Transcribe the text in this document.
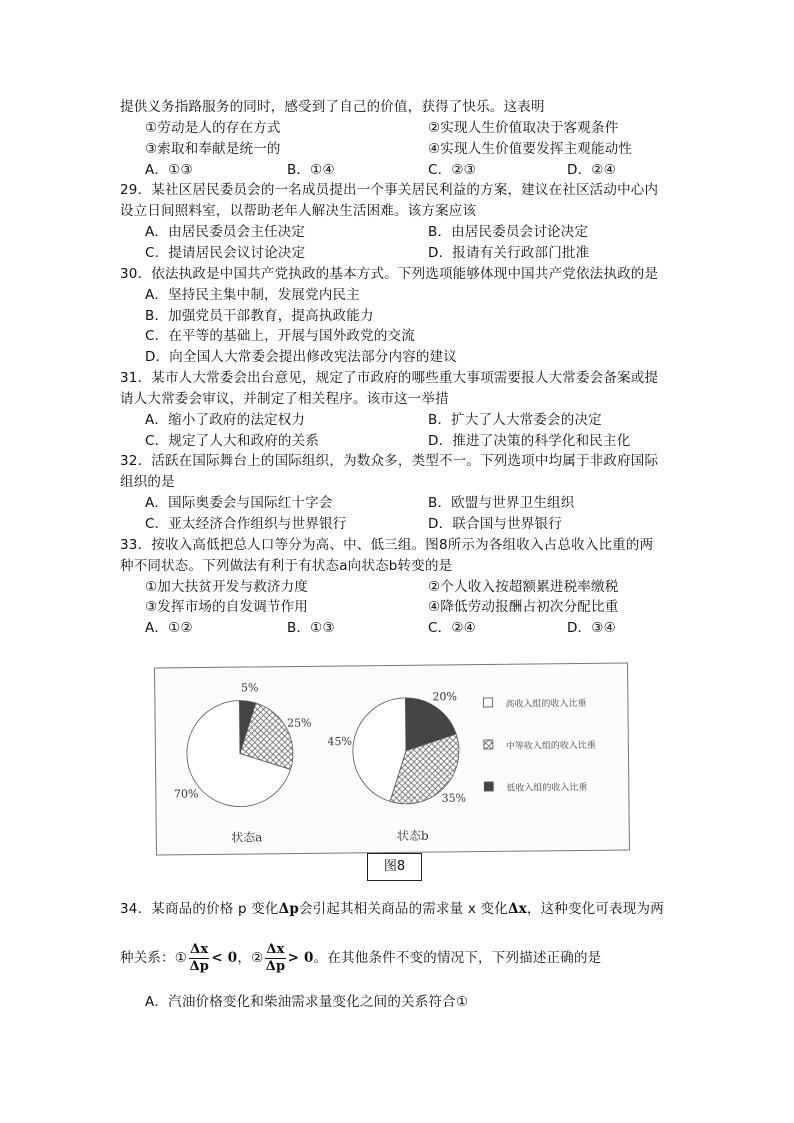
提供义务指路服务的同时，感受到了自己的价值，获得了快乐。这表明
①劳动是人的存在方式	②实现人生价值取决于客观条件
③索取和奉献是统一的	④实现人生价值要发挥主观能动性
A．①③	B．①④	C．②③	D．②④
29．某社区居民委员会的一名成员提出一个事关居民利益的方案，建议在社区活动中心内
设立日间照料室，以帮助老年人解决生活困难。该方案应该
A．由居民委员会主任决定	B．由居民委员会讨论决定
C．提请居民会议讨论决定	D．报请有关行政部门批准
30．依法执政是中国共产党执政的基本方式。下列选项能够体现中国共产党依法执政的是
A．坚持民主集中制，发展党内民主
B．加强党员干部教育，提高执政能力
C．在平等的基础上，开展与国外政党的交流
D．向全国人大常委会提出修改宪法部分内容的建议
31．某市人大常委会出台意见，规定了市政府的哪些重大事项需要报人大常委会备案或提
请人大常委会审议，并制定了相关程序。该市这一举措
A．缩小了政府的法定权力	B．扩大了人大常委会的决定
C．规定了人大和政府的关系	D．推进了决策的科学化和民主化
32．活跃在国际舞台上的国际组织，为数众多，类型不一。下列选项中均属于非政府国际
组织的是
A．国际奥委会与国际红十字会	B．欧盟与世界卫生组织
C．亚太经济合作组织与世界银行	D．联合国与世界银行
33．按收入高低把总人口等分为高、中、低三组。图8所示为各组收入占总收入比重的两
种不同状态。下列做法有利于有状态a向状态b转变的是
①加大扶贫开发与救济力度	②个人收入按超额累进税率缴税
③发挥市场的自发调节作用	④降低劳动报酬占初次分配比重
A．①②	B．①③	C．②④	D．③④
5%
25%
70%
状态a
20%
35%
45%
状态b
高收入组的收入比重
中等收入组的收入比重
低收入组的收入比重
图8
34．某商品的价格 p 变化Δp会引起其相关商品的需求量 x 变化Δx，这种变化可表现为两
种关系：① $\frac{\Delta x}{\Delta p} < 0$，② $\frac{\Delta x}{\Delta p} > 0$。在其他条件不变的情况下，下列描述正确的是
A．汽油价格变化和柴油需求量变化之间的关系符合①
